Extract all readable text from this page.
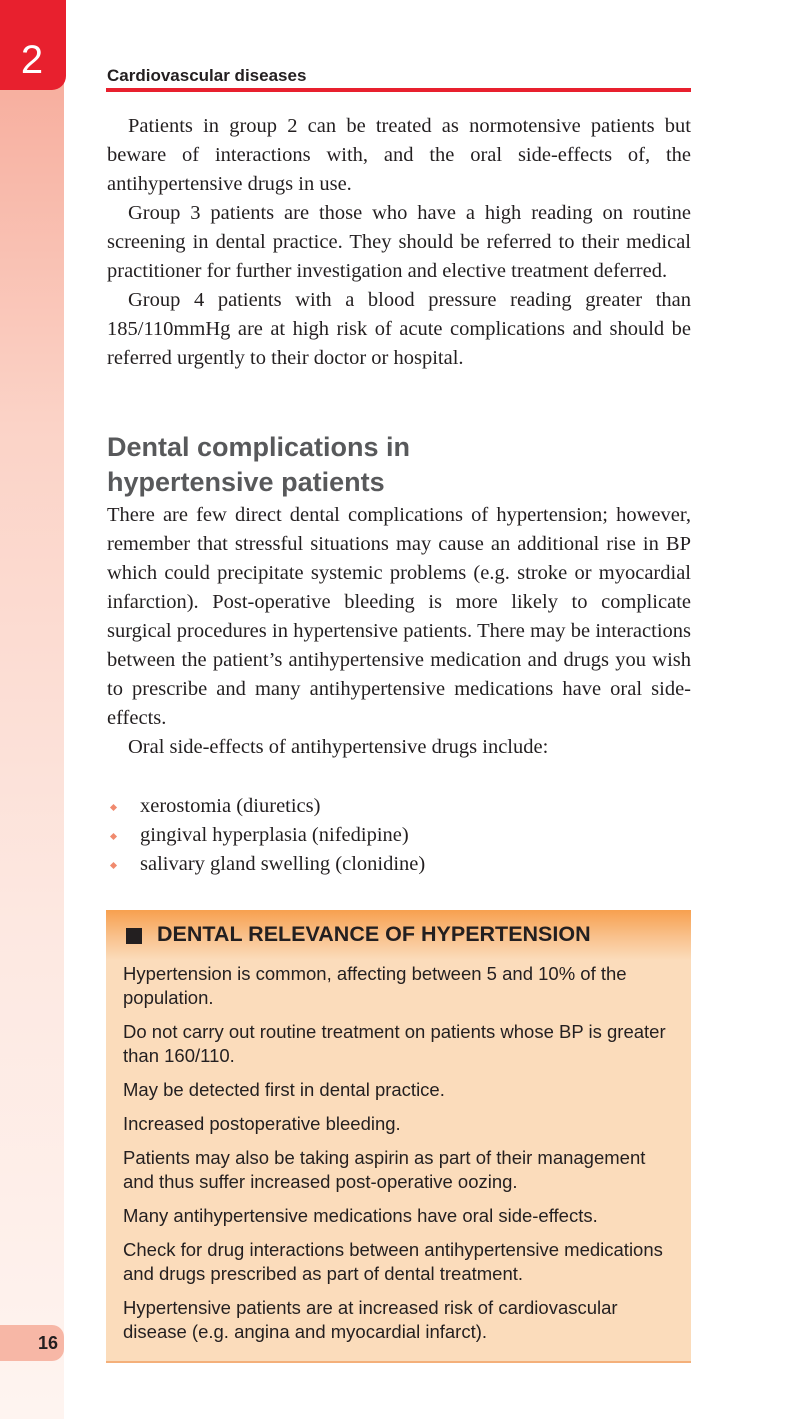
2	Cardiovascular diseases

Patients in group 2 can be treated as normotensive patients but beware of interactions with, and the oral side-effects of, the antihypertensive drugs in use.

Group 3 patients are those who have a high reading on routine screening in dental practice. They should be referred to their medical practitioner for further investigation and elective treatment deferred.

Group 4 patients with a blood pressure reading greater than 185/110mmHg are at high risk of acute complications and should be referred urgently to their doctor or hospital.

Dental complications in
hypertensive patients

There are few direct dental complications of hypertension; however, remember that stressful situations may cause an additional rise in BP which could precipitate systemic problems (e.g. stroke or myocardial infarction). Post-operative bleeding is more likely to complicate surgical procedures in hypertensive patients. There may be interactions between the patient’s antihypertensive medication and drugs you wish to prescribe and many antihypertensive medications have oral side-effects.

Oral side-effects of antihypertensive drugs include:

xerostomia (diuretics)
gingival hyperplasia (nifedipine)
salivary gland swelling (clonidine)
DENTAL RELEVANCE OF HYPERTENSION

Hypertension is common, affecting between 5 and 10% of the population.

Do not carry out routine treatment on patients whose BP is greater than 160/110.

May be detected first in dental practice.

Increased postoperative bleeding.

Patients may also be taking aspirin as part of their management and thus suffer increased post-operative oozing.

Many antihypertensive medications have oral side-effects.

Check for drug interactions between antihypertensive medications and drugs prescribed as part of dental treatment.

Hypertensive patients are at increased risk of cardiovascular disease (e.g. angina and myocardial infarct).

16
